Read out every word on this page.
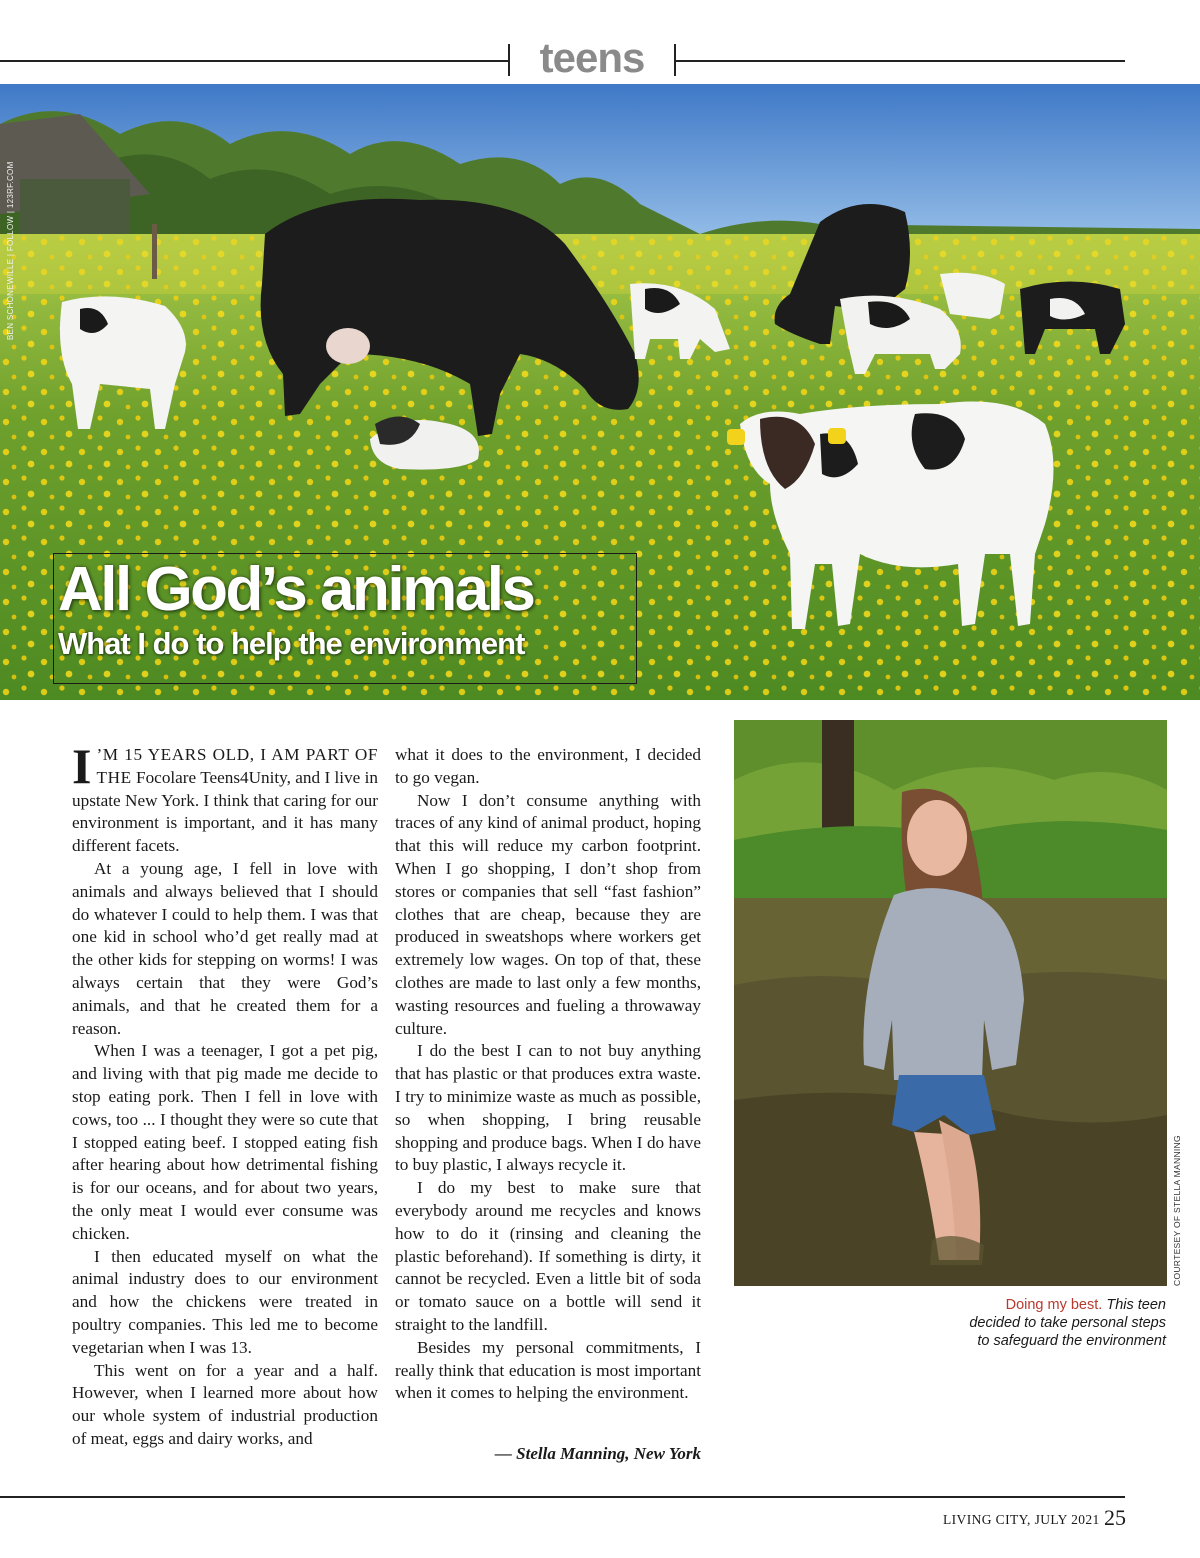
teens
BEN SCHONEWILLE | FOLLOW | 123RF.COM
All God’s animals
What I do to help the environment

I ’M 15 YEARS OLD, I AM PART OF THE Focolare Teens4Unity, and I live in upstate New York. I think that caring for our environment is important, and it has many different facets.

At a young age, I fell in love with animals and always believed that I should do whatever I could to help them. I was that one kid in school who’d get really mad at the other kids for stepping on worms! I was always certain that they were God’s animals, and that he created them for a reason.

When I was a teenager, I got a pet pig, and living with that pig made me decide to stop eating pork. Then I fell in love with cows, too ... I thought they were so cute that I stopped eating beef. I stopped eating fish after hearing about how detrimental fishing is for our oceans, and for about two years, the only meat I would ever consume was chicken.

I then educated myself on what the animal industry does to our environment and how the chickens were treated in poultry companies. This led me to become vegetarian when I was 13.

This went on for a year and a half. However, when I learned more about how our whole system of industrial production of meat, eggs and dairy works, and

what it does to the environment, I decided to go vegan.

Now I don’t consume anything with traces of any kind of animal product, hoping that this will reduce my carbon footprint. When I go shopping, I don’t shop from stores or companies that sell “fast fashion” clothes that are cheap, because they are produced in sweatshops where workers get extremely low wages. On top of that, these clothes are made to last only a few months, wasting resources and fueling a throwaway culture.

I do the best I can to not buy anything that has plastic or that produces extra waste. I try to minimize waste as much as possible, so when shopping, I bring reusable shopping and produce bags. When I do have to buy plastic, I always recycle it.

I do my best to make sure that everybody around me recycles and knows how to do it (rinsing and cleaning the plastic beforehand). If something is dirty, it cannot be recycled. Even a little bit of soda or tomato sauce on a bottle will send it straight to the landfill.

Besides my personal commitments, I really think that education is most important when it comes to helping the environment.

— Stella Manning, New York
COURTESEY OF STELLA MANNING
Doing my best. This teen decided to take personal steps to safeguard the environment
LIVING CITY, JULY 2021 25
